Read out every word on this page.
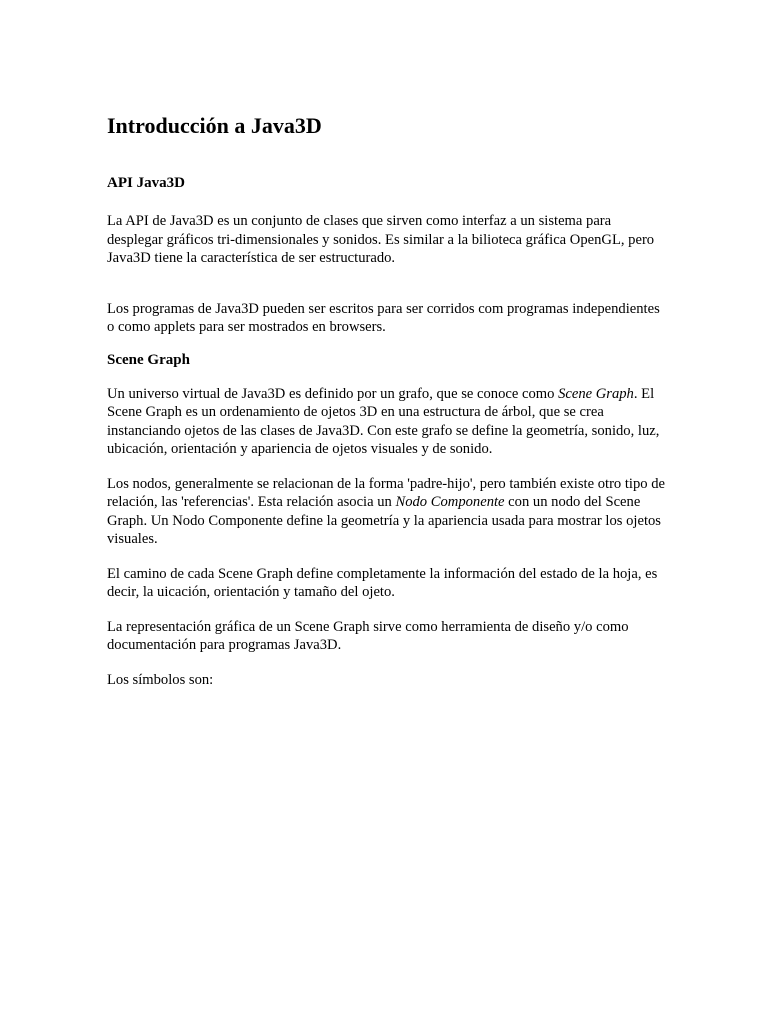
Introducción a Java3D
API Java3D

La API de Java3D es un conjunto de clases que sirven como interfaz a un sistema para desplegar gráficos tri-dimensionales y sonidos. Es similar a la bilioteca gráfica OpenGL, pero Java3D tiene la característica de ser estructurado.

Los programas de Java3D pueden ser escritos para ser corridos com programas independientes o como applets para ser mostrados en browsers.

Scene Graph

Un universo virtual de Java3D es definido por un grafo, que se conoce como Scene Graph. El Scene Graph es un ordenamiento de ojetos 3D en una estructura de árbol, que se crea instanciando ojetos de las clases de Java3D. Con este grafo se define la geometría, sonido, luz, ubicación, orientación y apariencia de ojetos visuales y de sonido.

Los nodos, generalmente se relacionan de la forma 'padre-hijo', pero también existe otro tipo de relación, las 'referencias'. Esta relación asocia un Nodo Componente con un nodo del Scene Graph. Un Nodo Componente define la geometría y la apariencia usada para mostrar los ojetos visuales.

El camino de cada Scene Graph define completamente la información del estado de la hoja, es decir, la uicación, orientación y tamaño del ojeto.

La representación gráfica de un Scene Graph sirve como herramienta de diseño y/o como documentación para programas Java3D.

Los símbolos son:
